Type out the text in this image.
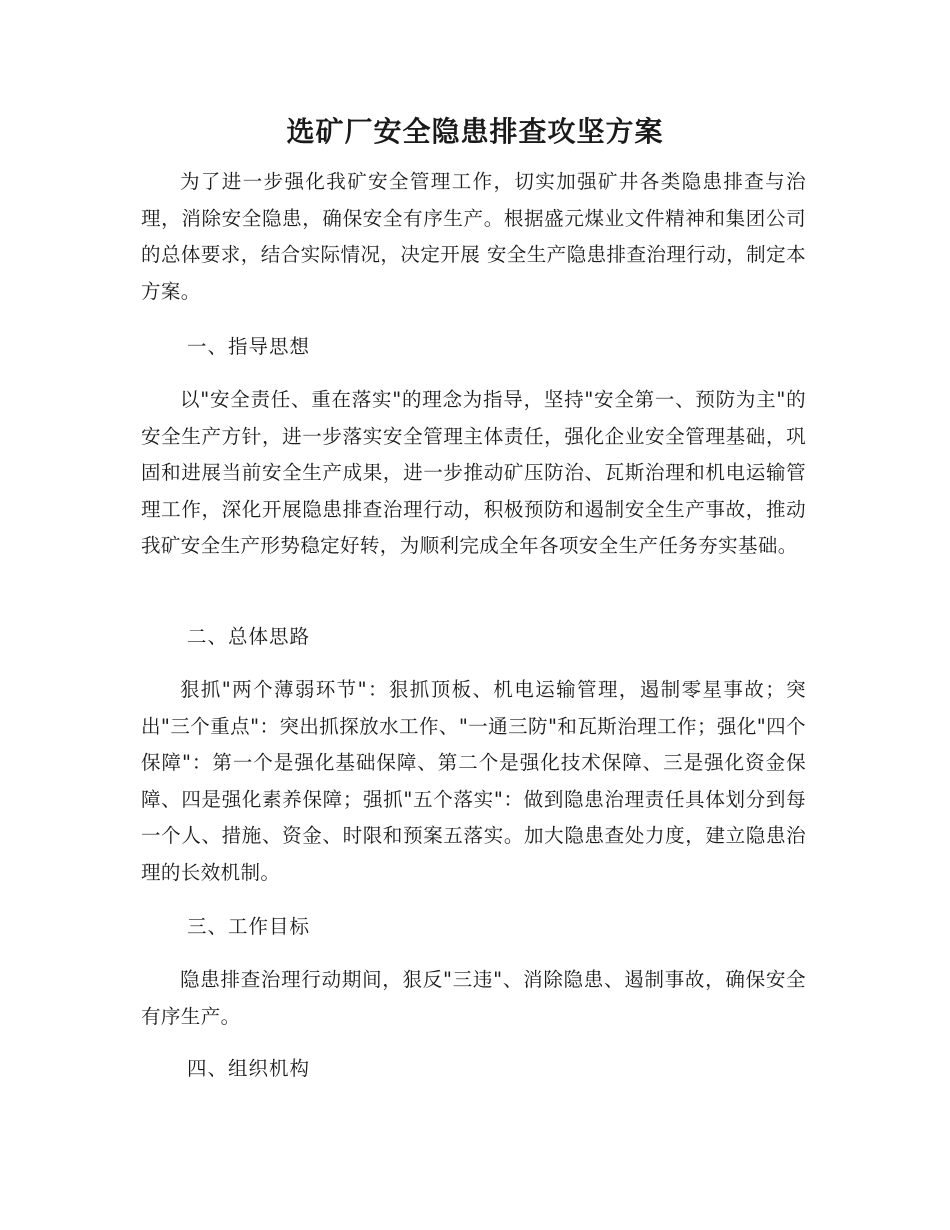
选矿厂安全隐患排查攻坚方案

为了进一步强化我矿安全管理工作，切实加强矿井各类隐患排查与治理，消除安全隐患，确保安全有序生产。根据盛元煤业文件精神和集团公司的总体要求，结合实际情况，决定开展 安全生产隐患排查治理行动，制定本方案。

一、指导思想

以"安全责任、重在落实"的理念为指导，坚持"安全第一、预防为主"的安全生产方针，进一步落实安全管理主体责任，强化企业安全管理基础，巩固和进展当前安全生产成果，进一步推动矿压防治、瓦斯治理和机电运输管理工作，深化开展隐患排查治理行动，积极预防和遏制安全生产事故，推动我矿安全生产形势稳定好转，为顺利完成全年各项安全生产任务夯实基础。

二、总体思路

狠抓"两个薄弱环节"：狠抓顶板、机电运输管理，遏制零星事故；突出"三个重点"：突出抓探放水工作、"一通三防"和瓦斯治理工作；强化"四个保障"：第一个是强化基础保障、第二个是强化技术保障、三是强化资金保障、四是强化素养保障；强抓"五个落实"：做到隐患治理责任具体划分到每一个人、措施、资金、时限和预案五落实。加大隐患查处力度，建立隐患治理的长效机制。

三、工作目标

隐患排查治理行动期间，狠反"三违"、消除隐患、遏制事故，确保安全有序生产。

四、组织机构
